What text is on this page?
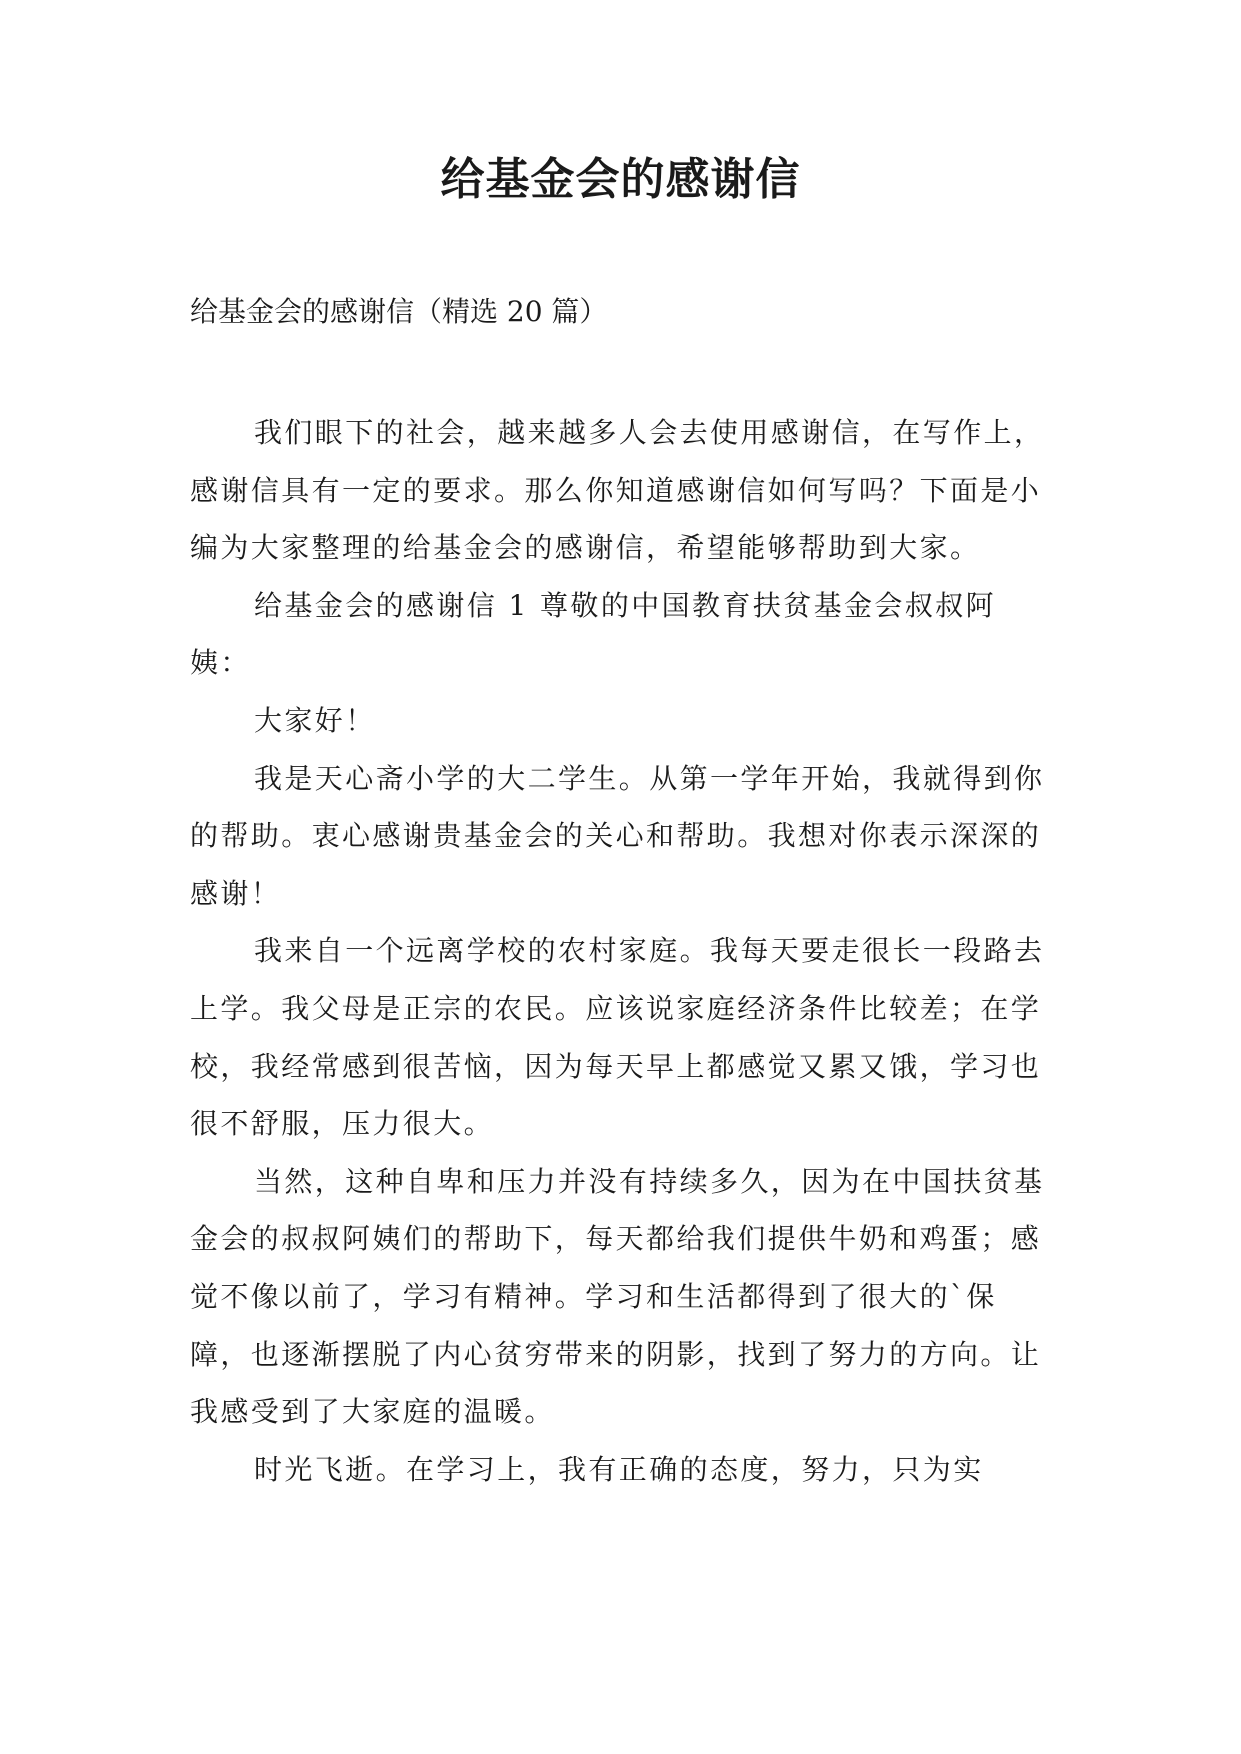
给基金会的感谢信
给基金会的感谢信（精选 20 篇）

我们眼下的社会，越来越多人会去使用感谢信，在写作上，感谢信具有一定的要求。那么你知道感谢信如何写吗？下面是小编为大家整理的给基金会的感谢信，希望能够帮助到大家。

给基金会的感谢信 1 尊敬的中国教育扶贫基金会叔叔阿姨：

大家好！

我是天心斋小学的大二学生。从第一学年开始，我就得到你的帮助。衷心感谢贵基金会的关心和帮助。我想对你表示深深的感谢！

我来自一个远离学校的农村家庭。我每天要走很长一段路去上学。我父母是正宗的农民。应该说家庭经济条件比较差；在学校，我经常感到很苦恼，因为每天早上都感觉又累又饿，学习也很不舒服，压力很大。

当然，这种自卑和压力并没有持续多久，因为在中国扶贫基金会的叔叔阿姨们的帮助下，每天都给我们提供牛奶和鸡蛋；感觉不像以前了，学习有精神。学习和生活都得到了很大的`保障，也逐渐摆脱了内心贫穷带来的阴影，找到了努力的方向。让我感受到了大家庭的温暖。

时光飞逝。在学习上，我有正确的态度，努力，只为实
